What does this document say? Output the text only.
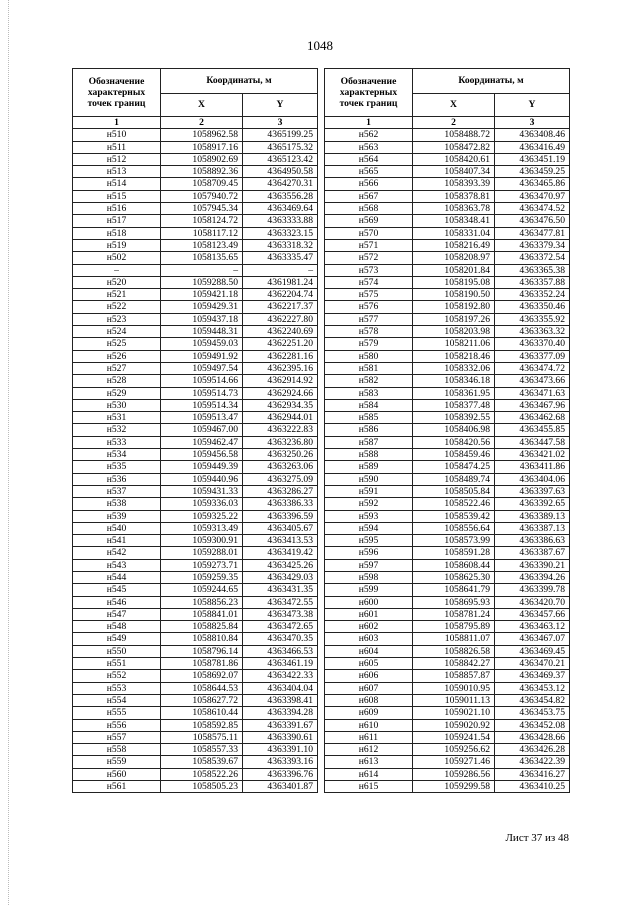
1048
Обозначение характерных точек границ	Координаты, м	
	X	Y
1	2	3
н510	1058962.58	4365199.25
н511	1058917.16	4365175.32
н512	1058902.69	4365123.42
н513	1058892.36	4364950.58
н514	1058709.45	4364270.31
н515	1057940.72	4363556.28
н516	1057945.34	4363469.64
н517	1058124.72	4363333.88
н518	1058117.12	4363323.15
н519	1058123.49	4363318.32
н502	1058135.65	4363335.47
–	–	–
н520	1059288.50	4361981.24
н521	1059421.18	4362204.74
н522	1059429.31	4362217.37
н523	1059437.18	4362227.80
н524	1059448.31	4362240.69
н525	1059459.03	4362251.20
н526	1059491.92	4362281.16
н527	1059497.54	4362395.16
н528	1059514.66	4362914.92
н529	1059514.73	4362924.66
н530	1059514.34	4362934.35
н531	1059513.47	4362944.01
н532	1059467.00	4363222.83
н533	1059462.47	4363236.80
н534	1059456.58	4363250.26
н535	1059449.39	4363263.06
н536	1059440.96	4363275.09
н537	1059431.33	4363286.27
н538	1059336.03	4363386.33
н539	1059325.22	4363396.59
н540	1059313.49	4363405.67
н541	1059300.91	4363413.53
н542	1059288.01	4363419.42
н543	1059273.71	4363425.26
н544	1059259.35	4363429.03
н545	1059244.65	4363431.35
н546	1058856.23	4363472.55
н547	1058841.01	4363473.38
н548	1058825.84	4363472.65
н549	1058810.84	4363470.35
н550	1058796.14	4363466.53
н551	1058781.86	4363461.19
н552	1058692.07	4363422.33
н553	1058644.53	4363404.04
н554	1058627.72	4363398.41
н555	1058610.44	4363394.28
н556	1058592.85	4363391.67
н557	1058575.11	4363390.61
н558	1058557.33	4363391.10
н559	1058539.67	4363393.16
н560	1058522.26	4363396.76
н561	1058505.23	4363401.87
Обозначение характерных точек границ	Координаты, м	
	X	Y
1	2	3
н562	1058488.72	4363408.46
н563	1058472.82	4363416.49
н564	1058420.61	4363451.19
н565	1058407.34	4363459.25
н566	1058393.39	4363465.86
н567	1058378.81	4363470.97
н568	1058363.78	4363474.52
н569	1058348.41	4363476.50
н570	1058331.04	4363477.81
н571	1058216.49	4363379.34
н572	1058208.97	4363372.54
н573	1058201.84	4363365.38
н574	1058195.08	4363357.88
н575	1058190.50	4363352.24
н576	1058192.80	4363350.46
н577	1058197.26	4363355.92
н578	1058203.98	4363363.32
н579	1058211.06	4363370.40
н580	1058218.46	4363377.09
н581	1058332.06	4363474.72
н582	1058346.18	4363473.66
н583	1058361.95	4363471.63
н584	1058377.48	4363467.96
н585	1058392.55	4363462.68
н586	1058406.98	4363455.85
н587	1058420.56	4363447.58
н588	1058459.46	4363421.02
н589	1058474.25	4363411.86
н590	1058489.74	4363404.06
н591	1058505.84	4363397.63
н592	1058522.46	4363392.65
н593	1058539.42	4363389.13
н594	1058556.64	4363387.13
н595	1058573.99	4363386.63
н596	1058591.28	4363387.67
н597	1058608.44	4363390.21
н598	1058625.30	4363394.26
н599	1058641.79	4363399.78
н600	1058695.93	4363420.70
н601	1058781.24	4363457.66
н602	1058795.89	4363463.12
н603	1058811.07	4363467.07
н604	1058826.58	4363469.45
н605	1058842.27	4363470.21
н606	1058857.87	4363469.37
н607	1059010.95	4363453.12
н608	1059011.13	4363454.82
н609	1059021.10	4363453.75
н610	1059020.92	4363452.08
н611	1059241.54	4363428.66
н612	1059256.62	4363426.28
н613	1059271.46	4363422.39
н614	1059286.56	4363416.27
н615	1059299.58	4363410.25
Лист 37 из 48
